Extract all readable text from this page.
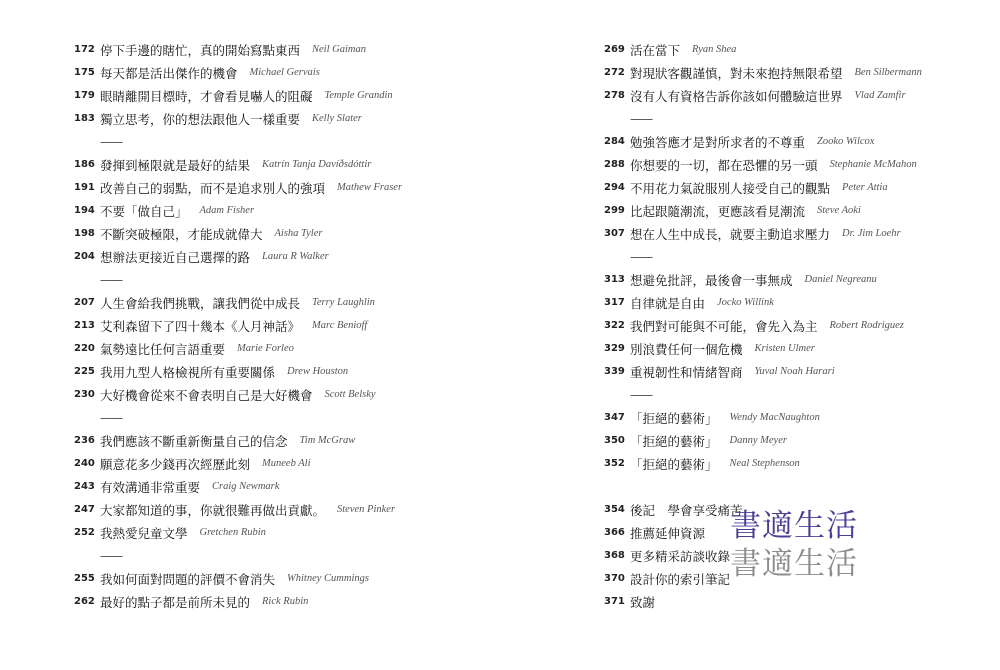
172 停下手邊的瞎忙，真的開始寫點東西 Neil Gaiman
175 每天都是活出傑作的機會 Michael Gervais
179 眼睛離開目標時，才會看見嚇人的阻礙 Temple Grandin
183 獨立思考，你的想法跟他人一樣重要 Kelly Slater
——
186 發揮到極限就是最好的結果 Katrín Tanja Davíðsdóttir
191 改善自己的弱點，而不是追求別人的強項 Mathew Fraser
194 不要「做自己」 Adam Fisher
198 不斷突破極限，才能成就偉大 Aisha Tyler
204 想辦法更接近自己選擇的路 Laura R Walker
——
207 人生會給我們挑戰，讓我們從中成長 Terry Laughlin
213 艾利森留下了四十幾本《人月神話》 Marc Benioff
220 氣勢遠比任何言語重要 Marie Forleo
225 我用九型人格檢視所有重要關係 Drew Houston
230 大好機會從來不會表明自己是大好機會 Scott Belsky
——
236 我們應該不斷重新衡量自己的信念 Tim McGraw
240 願意花多少錢再次經歷此刻 Muneeb Ali
243 有效溝通非常重要 Craig Newmark
247 大家都知道的事，你就很難再做出貢獻。 Steven Pinker
252 我熱愛兒童文學 Gretchen Rubin
——
255 我如何面對問題的評價不會消失 Whitney Cummings
262 最好的點子都是前所未見的 Rick Rubin
269 活在當下 Ryan Shea
272 對現狀客觀謹慎，對未來抱持無限希望 Ben Silbermann
278 沒有人有資格告訴你該如何體驗這世界 Vlad Zamfir
——
284 勉強答應才是對所求者的不尊重 Zooko Wilcox
288 你想要的一切，都在恐懼的另一頭 Stephanie McMahon
294 不用花力氣說服別人接受自己的觀點 Peter Attia
299 比起跟隨潮流，更應該看見潮流 Steve Aoki
307 想在人生中成長，就要主動追求壓力 Dr. Jim Loehr
——
313 想避免批評，最後會一事無成 Daniel Negreanu
317 自律就是自由 Jocko Willink
322 我們對可能與不可能，會先入為主 Robert Rodriguez
329 別浪費任何一個危機 Kristen Ulmer
339 重視韌性和情緒智商 Yuval Noah Harari
——
347 「拒絕的藝術」 Wendy MacNaughton
350 「拒絕的藝術」 Danny Meyer
352 「拒絕的藝術」 Neal Stephenson
354 後記　學會享受痛苦
366 推薦延伸資源
368 更多精采訪談收錄
370 設計你的索引筆記
371 致謝
書適生活
書適生活
